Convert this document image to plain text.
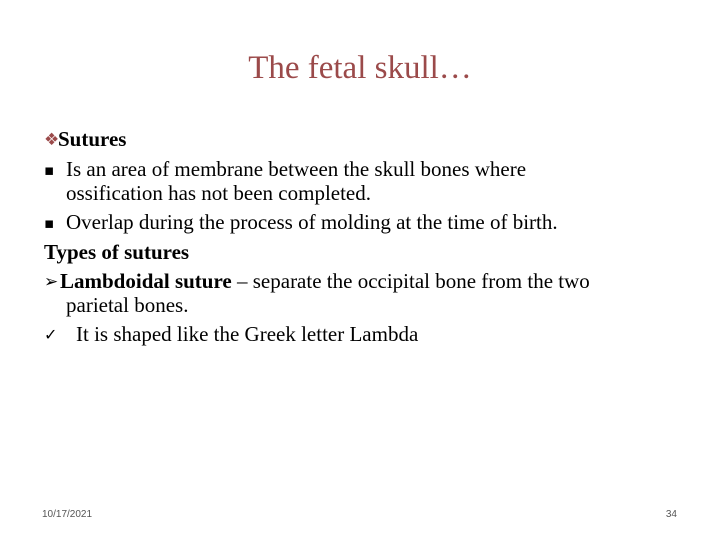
The fetal skull…
❖Sutures
▪ Is an area of membrane between the skull bones where
ossification has not been completed.
▪ Overlap during the process of molding at the time of birth.
Types of sutures
➢Lambdoidal suture – separate the occipital bone from the two
parietal bones.
✓ It is shaped like the Greek letter Lambda
10/17/2021	34
